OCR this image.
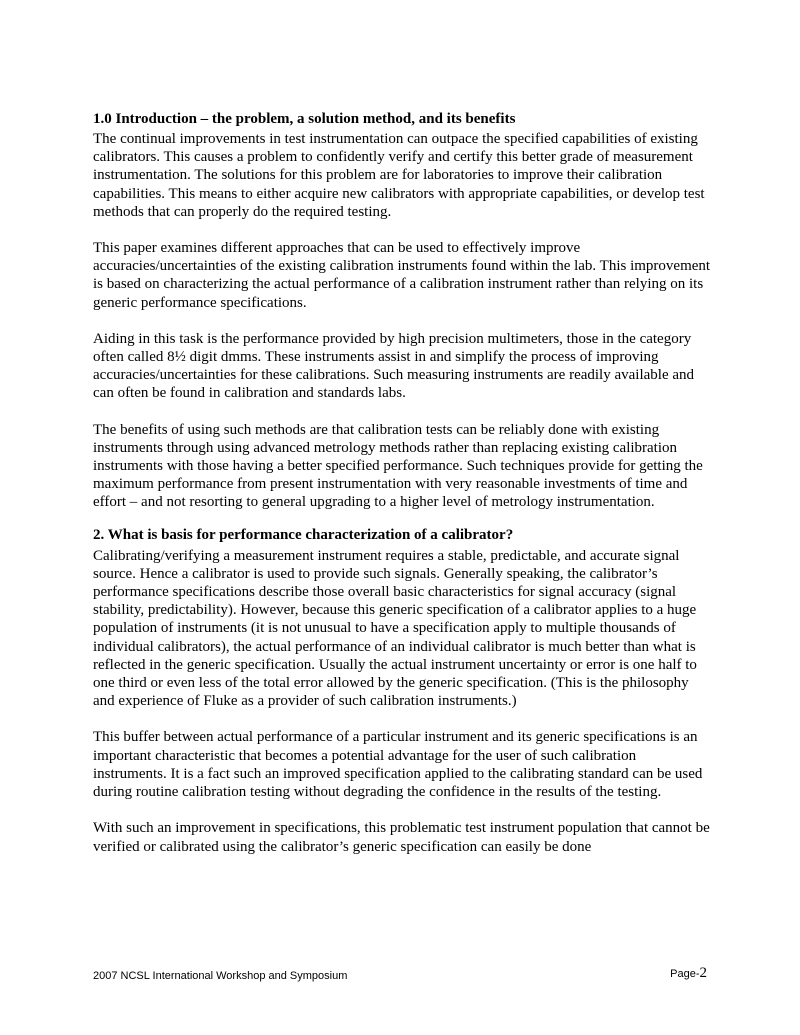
1.0 Introduction – the problem, a solution method, and its benefits

The continual improvements in test instrumentation can outpace the specified capabilities of existing calibrators. This causes a problem to confidently verify and certify this better grade of measurement instrumentation. The solutions for this problem are for laboratories to improve their calibration capabilities. This means to either acquire new calibrators with appropriate capabilities, or develop test methods that can properly do the required testing.

This paper examines different approaches that can be used to effectively improve accuracies/uncertainties of the existing calibration instruments found within the lab. This improvement is based on characterizing the actual performance of a calibration instrument rather than relying on its generic performance specifications.

Aiding in this task is the performance provided by high precision multimeters, those in the category often called 8½ digit dmms. These instruments assist in and simplify the process of improving accuracies/uncertainties for these calibrations. Such measuring instruments are readily available and can often be found in calibration and standards labs.

The benefits of using such methods are that calibration tests can be reliably done with existing instruments through using advanced metrology methods rather than replacing existing calibration instruments with those having a better specified performance. Such techniques provide for getting the maximum performance from present instrumentation with very reasonable investments of time and effort – and not resorting to general upgrading to a higher level of metrology instrumentation.

2. What is basis for performance characterization of a calibrator?

Calibrating/verifying a measurement instrument requires a stable, predictable, and accurate signal source. Hence a calibrator is used to provide such signals. Generally speaking, the calibrator’s performance specifications describe those overall basic characteristics for signal accuracy (signal stability, predictability). However, because this generic specification of a calibrator applies to a huge population of instruments (it is not unusual to have a specification apply to multiple thousands of individual calibrators), the actual performance of an individual calibrator is much better than what is reflected in the generic specification. Usually the actual instrument uncertainty or error is one half to one third or even less of the total error allowed by the generic specification. (This is the philosophy and experience of Fluke as a provider of such calibration instruments.)

This buffer between actual performance of a particular instrument and its generic specifications is an important characteristic that becomes a potential advantage for the user of such calibration instruments. It is a fact such an improved specification applied to the calibrating standard can be used during routine calibration testing without degrading the confidence in the results of the testing.

With such an improvement in specifications, this problematic test instrument population that cannot be verified or calibrated using the calibrator’s generic specification can easily be done

2007 NCSL International Workshop and Symposium	Page-2
